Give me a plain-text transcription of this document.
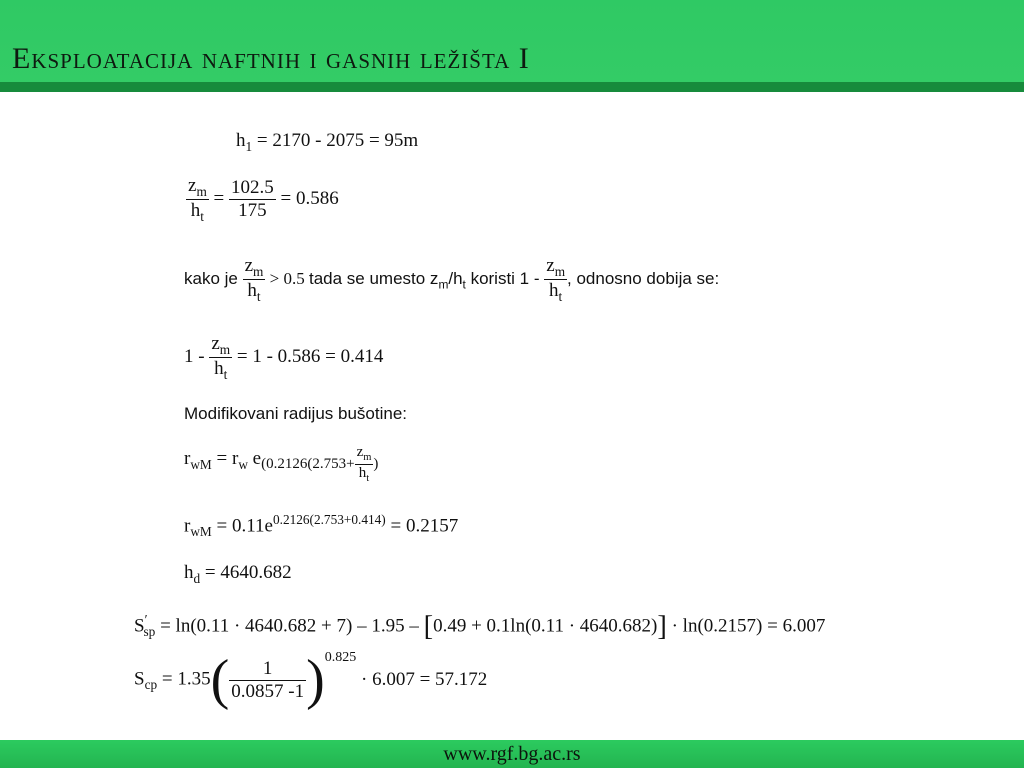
Eksploatacija naftnih i gasnih ležišta I
$h_1 = 2170 - 2075 = 95m$
$\frac{z_m}{h_t} = \frac{102.5}{175} = 0.586$
kako je $\frac{z_m}{h_t} > 0.5$ tada se umesto $z_m/h_t$ koristi $1 - \frac{z_m}{h_t}$ , odnosno dobija se:
$1 - \frac{z_m}{h_t} = 1 - 0.586 = 0.414$
Modifikovani radijus bušotine:
$r_{wM} = r_w$ $e(0.2126(2.753+ \frac{z_m}{h_t}$ )
$r_{wM} = 0.11e^{0.2126(2.753+0.414)} = 0.2157$
$h_d = 4640.682$
$S'_{sp} = \ln(0.11 \cdot 4640.682 + 7) - 1.95 - [0.49 + 0.1\ln(0.11 \cdot 4640.682)] \cdot \ln(0.2157) = 6.007$
$S_{cp} = 1.35( \frac{1}{0.0857 -1} )0.825 \cdot 6.007 = 57.172$
www.rgf.bg.ac.rs
